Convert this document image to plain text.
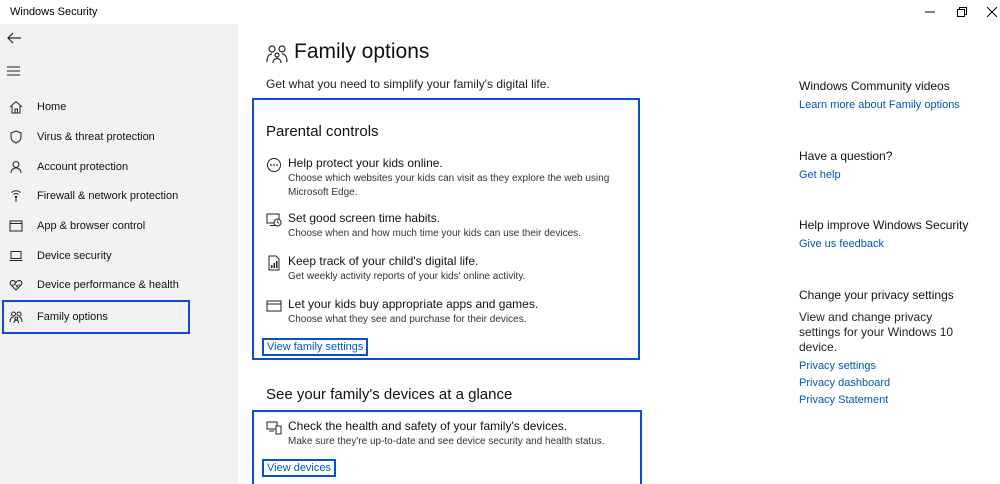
Windows Security
Home
Virus & threat protection
Account protection
Firewall & network protection
App & browser control
Device security
Device performance & health
Family options
Family options
Get what you need to simplify your family's digital life.
Parental controls
Help protect your kids online.
Choose which websites your kids can visit as they explore the web using Microsoft Edge.
Set good screen time habits.
Choose when and how much time your kids can use their devices.
Keep track of your child's digital life.
Get weekly activity reports of your kids' online activity.
Let your kids buy appropriate apps and games.
Choose what they see and purchase for their devices.
View family settings
See your family's devices at a glance
Check the health and safety of your family's devices.
Make sure they're up-to-date and see device security and health status.
View devices
Windows Community videos
Learn more about Family options
Have a question?
Get help
Help improve Windows Security
Give us feedback
Change your privacy settings
View and change privacy settings for your Windows 10 device.
Privacy settings
Privacy dashboard
Privacy Statement
